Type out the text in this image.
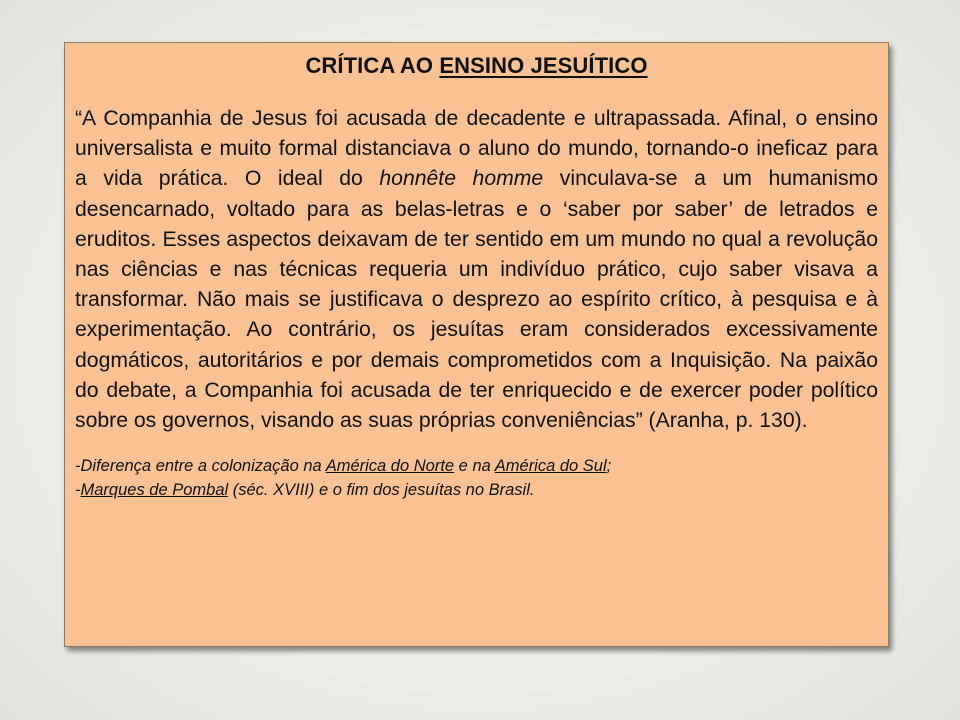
CRÍTICA AO ENSINO JESUÍTICO

“A Companhia de Jesus foi acusada de decadente e ultrapassada. Afinal, o ensino universalista e muito formal distanciava o aluno do mundo, tornando-o ineficaz para a vida prática. O ideal do honnête homme vinculava-se a um humanismo desencarnado, voltado para as belas-letras e o ‘saber por saber’ de letrados e eruditos. Esses aspectos deixavam de ter sentido em um mundo no qual a revolução nas ciências e nas técnicas requeria um indivíduo prático, cujo saber visava a transformar. Não mais se justificava o desprezo ao espírito crítico, à pesquisa e à experimentação. Ao contrário, os jesuítas eram considerados excessivamente dogmáticos, autoritários e por demais comprometidos com a Inquisição. Na paixão do debate, a Companhia foi acusada de ter enriquecido e de exercer poder político sobre os governos, visando as suas próprias conveniências” (Aranha, p. 130).

-Diferença entre a colonização na América do Norte e na América do Sul;
-Marques de Pombal (séc. XVIII) e o fim dos jesuítas no Brasil.
